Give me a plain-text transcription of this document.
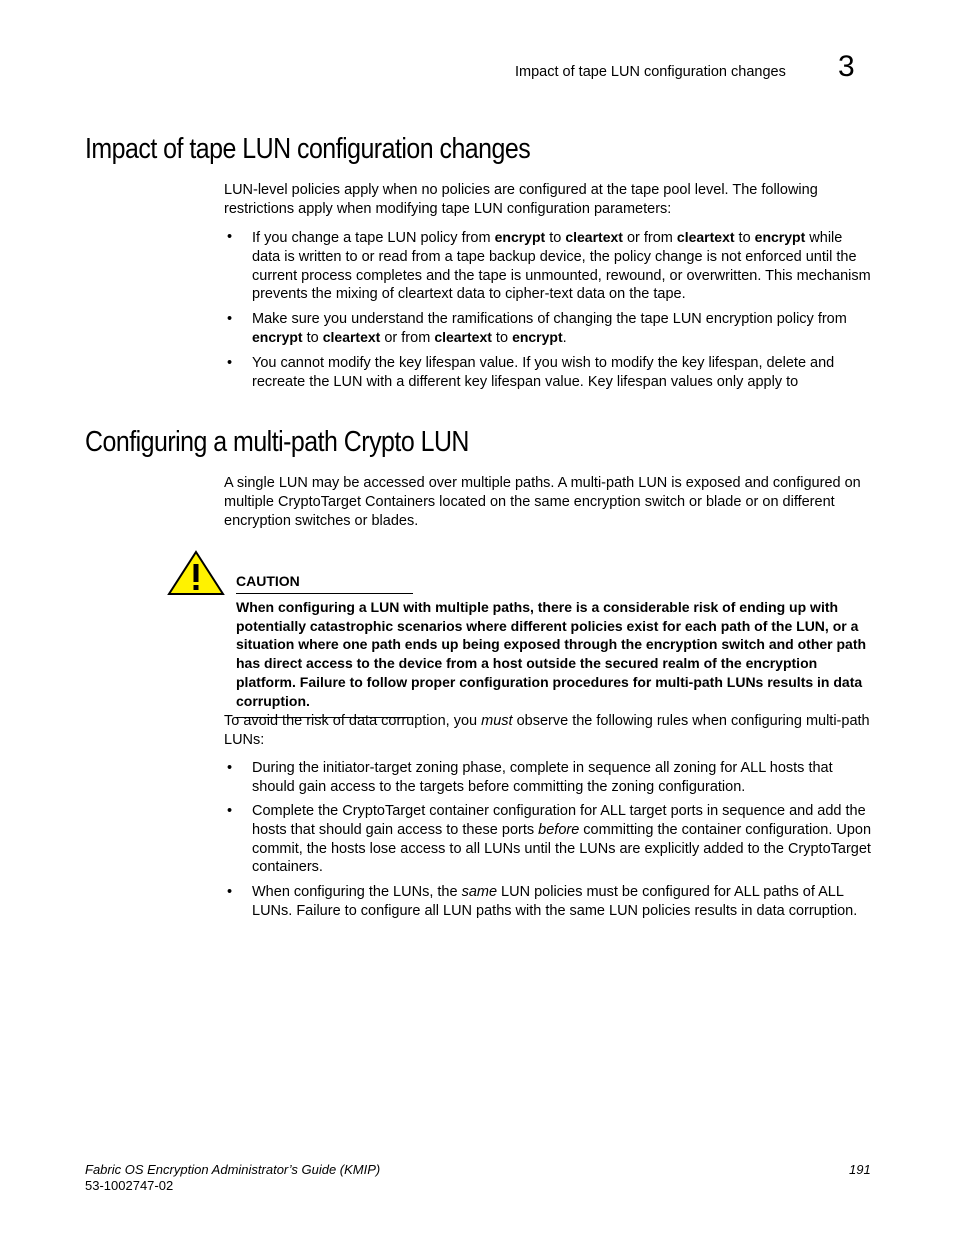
Impact of tape LUN configuration changes 3
Impact of tape LUN configuration changes

LUN-level policies apply when no policies are configured at the tape pool level. The following restrictions apply when modifying tape LUN configuration parameters:

• If you change a tape LUN policy from encrypt to cleartext or from cleartext to encrypt while data is written to or read from a tape backup device, the policy change is not enforced until the current process completes and the tape is unmounted, rewound, or overwritten. This mechanism prevents the mixing of cleartext data to cipher-text data on the tape.
• Make sure you understand the ramifications of changing the tape LUN encryption policy from encrypt to cleartext or from cleartext to encrypt.
• You cannot modify the key lifespan value. If you wish to modify the key lifespan, delete and recreate the LUN with a different key lifespan value. Key lifespan values only apply to
Configuring a multi-path Crypto LUN

A single LUN may be accessed over multiple paths. A multi-path LUN is exposed and configured on multiple CryptoTarget Containers located on the same encryption switch or blade or on different encryption switches or blades.

CAUTION

When configuring a LUN with multiple paths, there is a considerable risk of ending up with potentially catastrophic scenarios where different policies exist for each path of the LUN, or a situation where one path ends up being exposed through the encryption switch and other path has direct access to the device from a host outside the secured realm of the encryption platform. Failure to follow proper configuration procedures for multi-path LUNs results in data corruption.

To avoid the risk of data corruption, you must observe the following rules when configuring multi-path LUNs:

• During the initiator-target zoning phase, complete in sequence all zoning for ALL hosts that should gain access to the targets before committing the zoning configuration.
• Complete the CryptoTarget container configuration for ALL target ports in sequence and add the hosts that should gain access to these ports before committing the container configuration. Upon commit, the hosts lose access to all LUNs until the LUNs are explicitly added to the CryptoTarget containers.
• When configuring the LUNs, the same LUN policies must be configured for ALL paths of ALL LUNs. Failure to configure all LUN paths with the same LUN policies results in data corruption.
Fabric OS Encryption Administrator’s Guide (KMIP)
53-1002747-02
191
